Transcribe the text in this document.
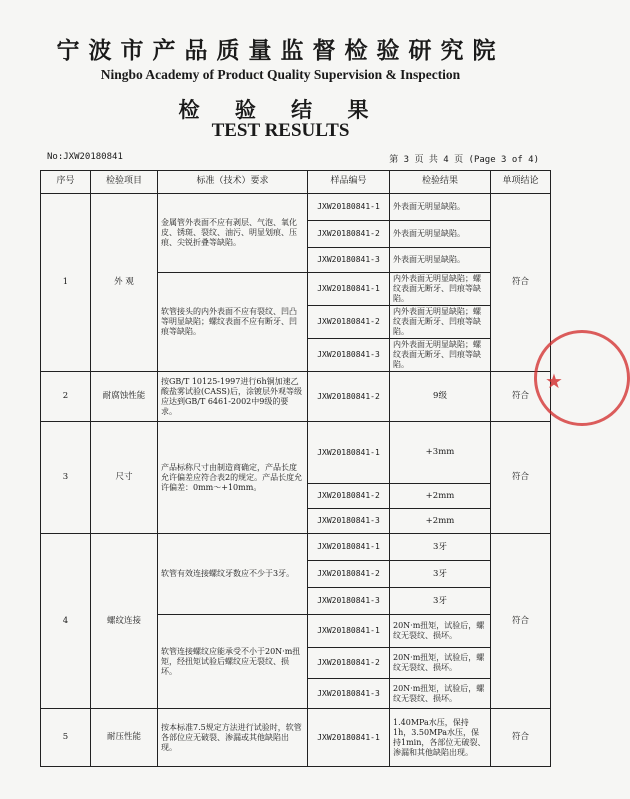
宁波市产品质量监督检验研究院
Ningbo Academy of Product Quality Supervision & Inspection
检 验 结 果
TEST RESULTS
No:JXW20180841	第 3 页 共 4 页 (Page 3 of 4)
序号	检验项目	标准（技术）要求	样品编号	检验结果	单项结论
1	外 观	金属管外表面不应有剥层、气泡、氧化皮、锈斑、裂纹、油污、明显划痕、压痕、尖锐折叠等缺陷。	JXW20180841-1	外表面无明显缺陷。	符合
			JXW20180841-2	外表面无明显缺陷。	
			JXW20180841-3	外表面无明显缺陷。	
		软管接头的内外表面不应有裂纹、凹凸等明显缺陷；螺纹表面不应有断牙、凹痕等缺陷。	JXW20180841-1	内外表面无明显缺陷；螺纹表面无断牙、凹痕等缺陷。	
			JXW20180841-2	内外表面无明显缺陷；螺纹表面无断牙、凹痕等缺陷。	
			JXW20180841-3	内外表面无明显缺陷；螺纹表面无断牙、凹痕等缺陷。	
2	耐腐蚀性能	按GB/T 10125-1997进行6h铜加速乙酸盐雾试验(CASS)后，涂镀层外观等级应达到GB/T 6461-2002中9级的要求。	JXW20180841-2	9级	符合
3	尺寸	产品标称尺寸由制造商确定，产品长度允许偏差应符合表2的规定。产品长度允许偏差：0mm～+10mm。	JXW20180841-1	+3mm	符合
			JXW20180841-2	+2mm	
			JXW20180841-3	+2mm	
4	螺纹连接	软管有效连接螺纹牙数应不少于3牙。	JXW20180841-1	3牙	符合
			JXW20180841-2	3牙	
			JXW20180841-3	3牙	
		软管连接螺纹应能承受不小于20N·m扭矩，经扭矩试验后螺纹应无裂纹、损坏。	JXW20180841-1	20N·m扭矩，试验后，螺纹无裂纹、损坏。	
			JXW20180841-2	20N·m扭矩，试验后，螺纹无裂纹、损坏。	
			JXW20180841-3	20N·m扭矩，试验后，螺纹无裂纹、损坏。	
5	耐压性能	按本标准7.5规定方法进行试验时，软管各部位应无破裂、渗漏或其他缺陷出现。	JXW20180841-1	1.40MPa水压，保持1h，3.50MPa水压，保持1min，各部位无破裂、渗漏和其他缺陷出现。	符合
★
